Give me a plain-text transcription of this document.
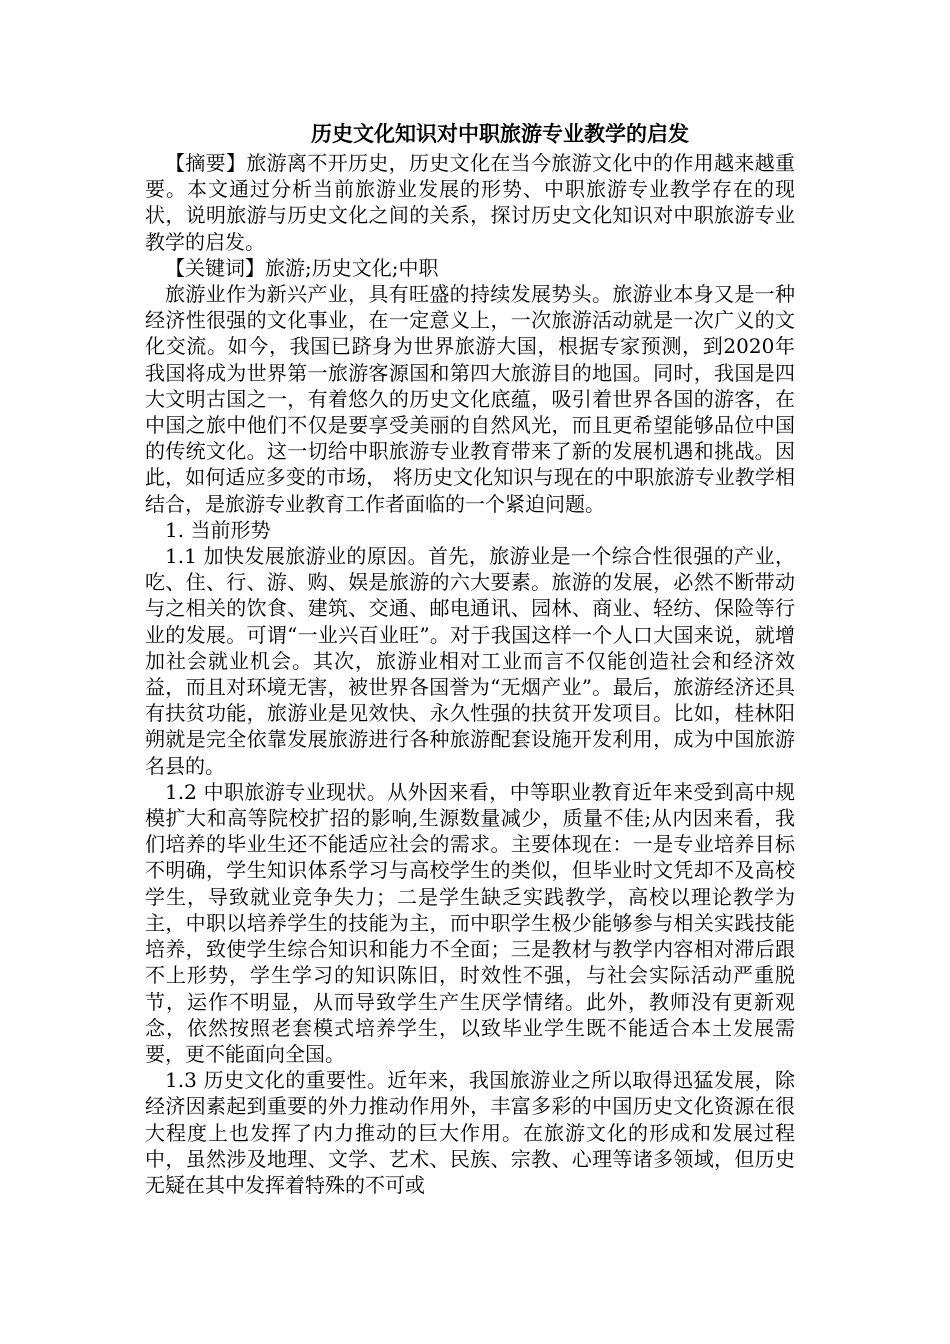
历史文化知识对中职旅游专业教学的启发

【摘要】旅游离不开历史，历史文化在当今旅游文化中的作用越来越重要。本文通过分析当前旅游业发展的形势、中职旅游专业教学存在的现状，说明旅游与历史文化之间的关系，探讨历史文化知识对中职旅游专业教学的启发。

【关键词】旅游;历史文化;中职

旅游业作为新兴产业，具有旺盛的持续发展势头。旅游业本身又是一种经济性很强的文化事业，在一定意义上，一次旅游活动就是一次广义的文化交流。如今，我国已跻身为世界旅游大国，根据专家预测，到2020年我国将成为世界第一旅游客源国和第四大旅游目的地国。同时，我国是四大文明古国之一，有着悠久的历史文化底蕴，吸引着世界各国的游客，在中国之旅中他们不仅是要享受美丽的自然风光，而且更希望能够品位中国的传统文化。这一切给中职旅游专业教育带来了新的发展机遇和挑战。因此，如何适应多变的市场， 将历史文化知识与现在的中职旅游专业教学相结合，是旅游专业教育工作者面临的一个紧迫问题。

1. 当前形势

1.1 加快发展旅游业的原因。首先，旅游业是一个综合性很强的产业，吃、住、行、游、购、娱是旅游的六大要素。旅游的发展，必然不断带动与之相关的饮食、建筑、交通、邮电通讯、园林、商业、轻纺、保险等行业的发展。可谓“一业兴百业旺”。对于我国这样一个人口大国来说，就增加社会就业机会。其次，旅游业相对工业而言不仅能创造社会和经济效益，而且对环境无害，被世界各国誉为“无烟产业”。最后，旅游经济还具有扶贫功能，旅游业是见效快、永久性强的扶贫开发项目。比如，桂林阳朔就是完全依靠发展旅游进行各种旅游配套设施开发利用，成为中国旅游名县的。

1.2 中职旅游专业现状。从外因来看，中等职业教育近年来受到高中规模扩大和高等院校扩招的影响,生源数量减少，质量不佳;从内因来看，我们培养的毕业生还不能适应社会的需求。主要体现在：一是专业培养目标不明确，学生知识体系学习与高校学生的类似，但毕业时文凭却不及高校学生，导致就业竞争失力；二是学生缺乏实践教学，高校以理论教学为主，中职以培养学生的技能为主，而中职学生极少能够参与相关实践技能培养，致使学生综合知识和能力不全面；三是教材与教学内容相对滞后跟不上形势，学生学习的知识陈旧，时效性不强，与社会实际活动严重脱节，运作不明显，从而导致学生产生厌学情绪。此外，教师没有更新观念，依然按照老套模式培养学生，以致毕业学生既不能适合本土发展需要，更不能面向全国。

1.3 历史文化的重要性。近年来，我国旅游业之所以取得迅猛发展，除经济因素起到重要的外力推动作用外，丰富多彩的中国历史文化资源在很大程度上也发挥了内力推动的巨大作用。在旅游文化的形成和发展过程中，虽然涉及地理、文学、艺术、民族、宗教、心理等诸多领域，但历史无疑在其中发挥着特殊的不可或
